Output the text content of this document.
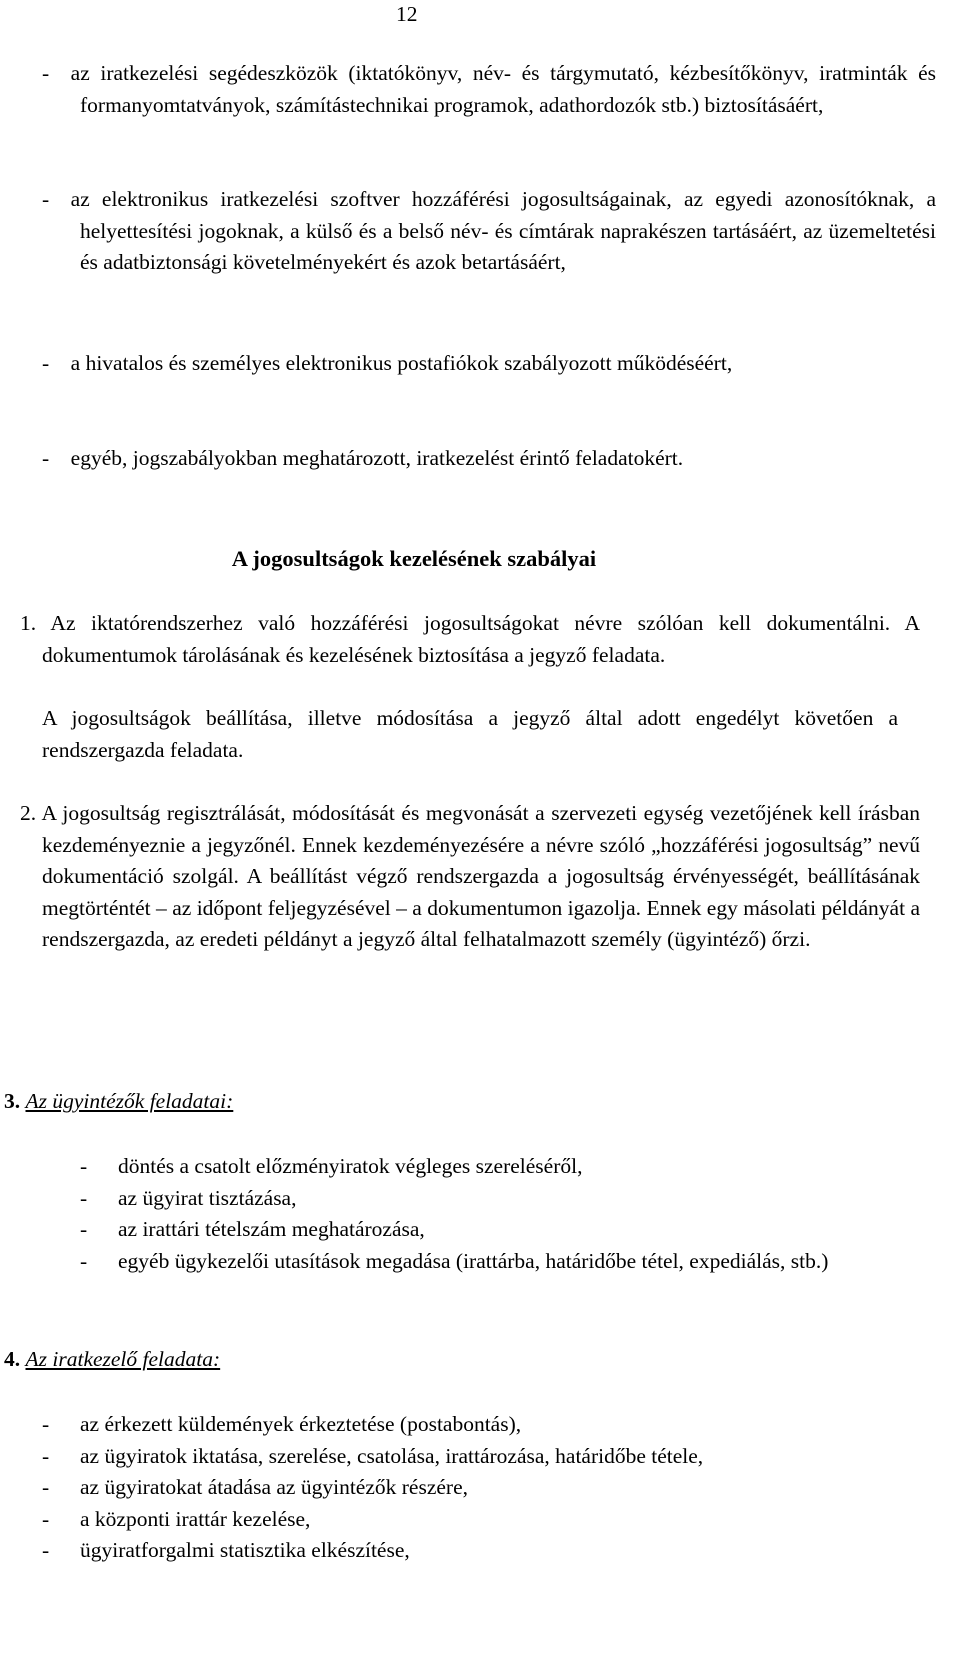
12

- az iratkezelési segédeszközök (iktatókönyv, név- és tárgymutató, kézbesítőkönyv, iratminták és formanyomtatványok, számítástechnikai programok, adathordozók stb.) biztosításáért,

- az elektronikus iratkezelési szoftver hozzáférési jogosultságainak, az egyedi azonosítóknak, a helyettesítési jogoknak, a külső és a belső név- és címtárak naprakészen tartásáért, az üzemeltetési és adatbiztonsági követelményekért és azok betartásáért,

- a hivatalos és személyes elektronikus postafiókok szabályozott működéséért,

- egyéb, jogszabályokban meghatározott, iratkezelést érintő feladatokért.

A jogosultságok kezelésének szabályai

1. Az iktatórendszerhez való hozzáférési jogosultságokat névre szólóan kell dokumentálni. A dokumentumok tárolásának és kezelésének biztosítása a jegyző feladata.

A jogosultságok beállítása, illetve módosítása a jegyző által adott engedélyt követően a rendszergazda feladata.

2. A jogosultság regisztrálását, módosítását és megvonását a szervezeti egység vezetőjének kell írásban kezdeményeznie a jegyzőnél. Ennek kezdeményezésére a névre szóló „hozzáférési jogosultság” nevű dokumentáció szolgál. A beállítást végző rendszergazda a jogosultság érvényességét, beállításának megtörténtét – az időpont feljegyzésével – a dokumentumon igazolja. Ennek egy másolati példányát a rendszergazda, az eredeti példányt a jegyző által felhatalmazott személy (ügyintéző) őrzi.

3. Az ügyintézők feladatai:

- döntés a csatolt előzményiratok végleges szereléséről,
- az ügyirat tisztázása,
- az irattári tételszám meghatározása,
- egyéb ügykezelői utasítások megadása (irattárba, határidőbe tétel, expediálás, stb.)

4. Az iratkezelő feladata:

- az érkezett küldemények érkeztetése (postabontás),
- az ügyiratok iktatása, szerelése, csatolása, irattározása, határidőbe tétele,
- az ügyiratokat átadása az ügyintézők részére,
- a központi irattár kezelése,
- ügyiratforgalmi statisztika elkészítése,
